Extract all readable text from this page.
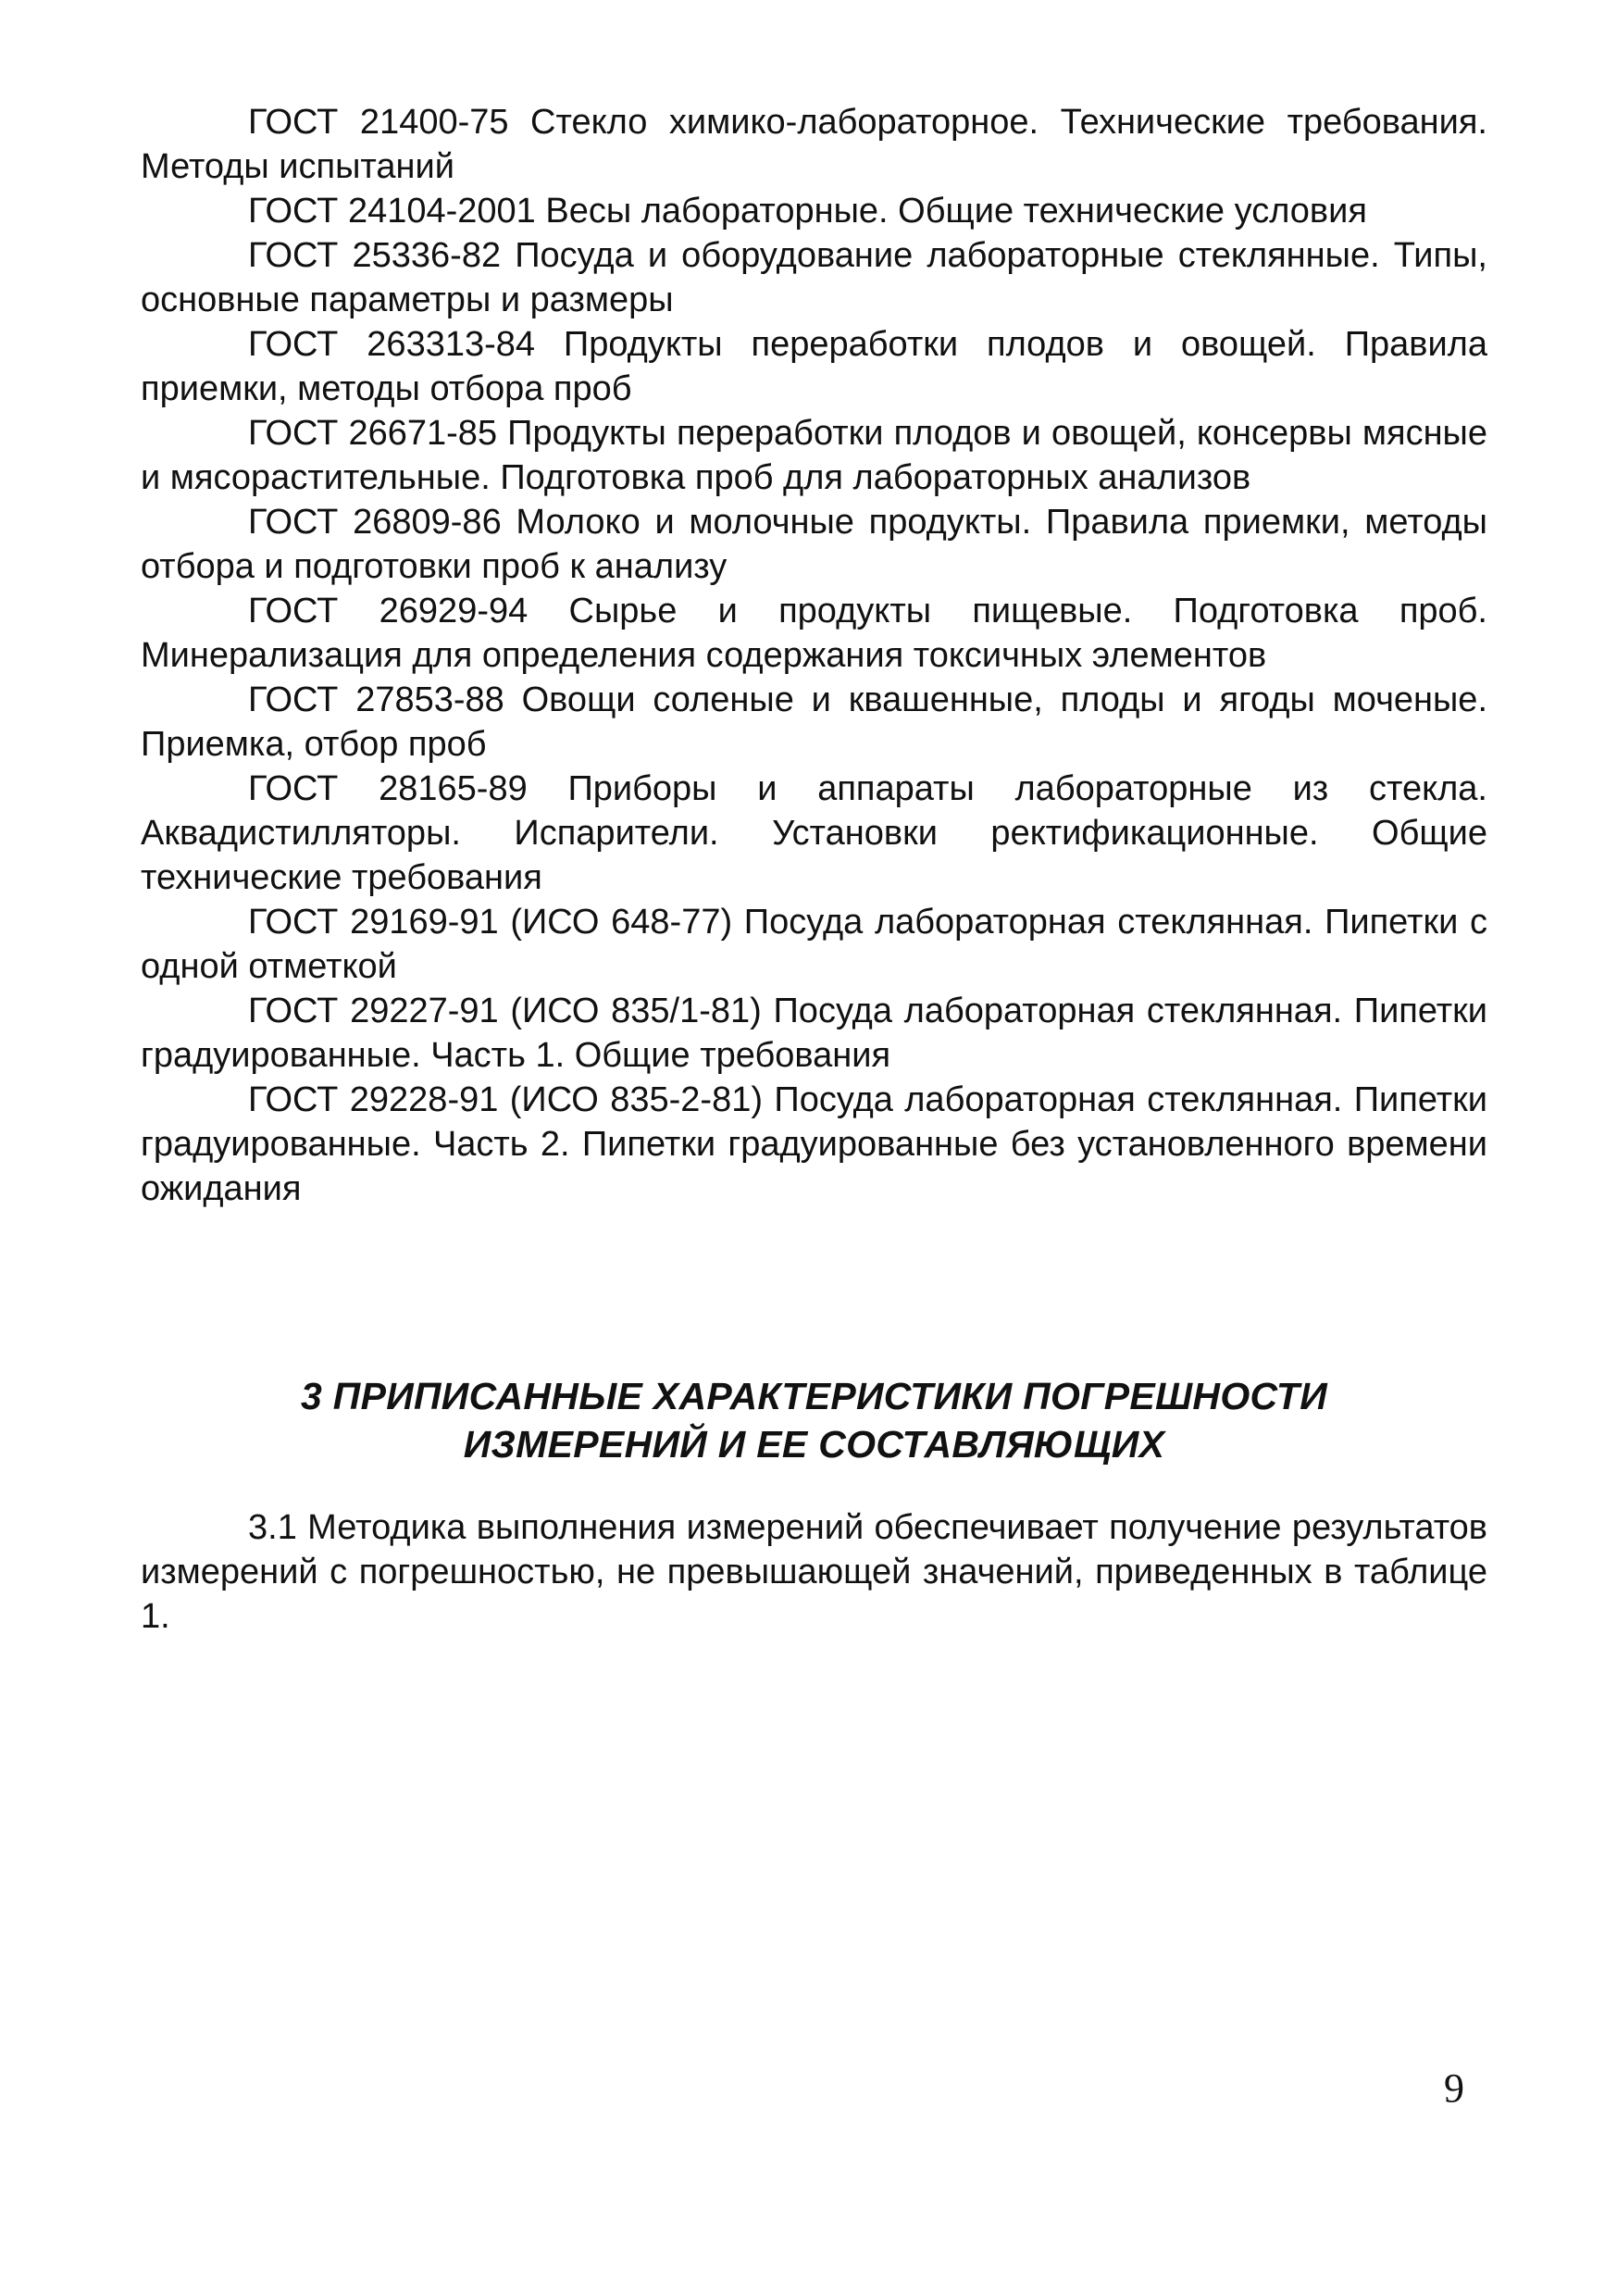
ГОСТ 21400-75 Стекло химико-лабораторное. Технические требования. Методы испытаний

ГОСТ 24104-2001 Весы лабораторные. Общие технические условия

ГОСТ 25336-82 Посуда и оборудование лабораторные стеклянные. Типы, основные параметры и размеры

ГОСТ 263313-84 Продукты переработки плодов и овощей. Правила приемки, методы отбора проб

ГОСТ 26671-85 Продукты переработки плодов и овощей, консервы мясные и мясорастительные. Подготовка проб для лабораторных анализов

ГОСТ 26809-86 Молоко и молочные продукты. Правила приемки, методы отбора и подготовки проб к анализу

ГОСТ 26929-94 Сырье и продукты пищевые. Подготовка проб. Минерализация для определения содержания токсичных элементов

ГОСТ 27853-88 Овощи соленые и квашенные, плоды и ягоды моченые. Приемка, отбор проб

ГОСТ 28165-89 Приборы и аппараты лабораторные из стекла. Аквадистилляторы. Испарители. Установки ректификационные. Общие технические требования

ГОСТ 29169-91 (ИСО 648-77) Посуда лабораторная стеклянная. Пипетки с одной отметкой

ГОСТ 29227-91 (ИСО 835/1-81) Посуда лабораторная стеклянная. Пипетки градуированные. Часть 1. Общие требования

ГОСТ 29228-91 (ИСО 835-2-81) Посуда лабораторная стеклянная. Пипетки градуированные. Часть 2. Пипетки градуированные без установленного времени ожидания

3 ПРИПИСАННЫЕ ХАРАКТЕРИСТИКИ ПОГРЕШНОСТИ
ИЗМЕРЕНИЙ И ЕЕ СОСТАВЛЯЮЩИХ

3.1 Методика выполнения измерений обеспечивает получение результатов измерений с погрешностью, не превышающей значений, приведенных в таблице 1.

9
